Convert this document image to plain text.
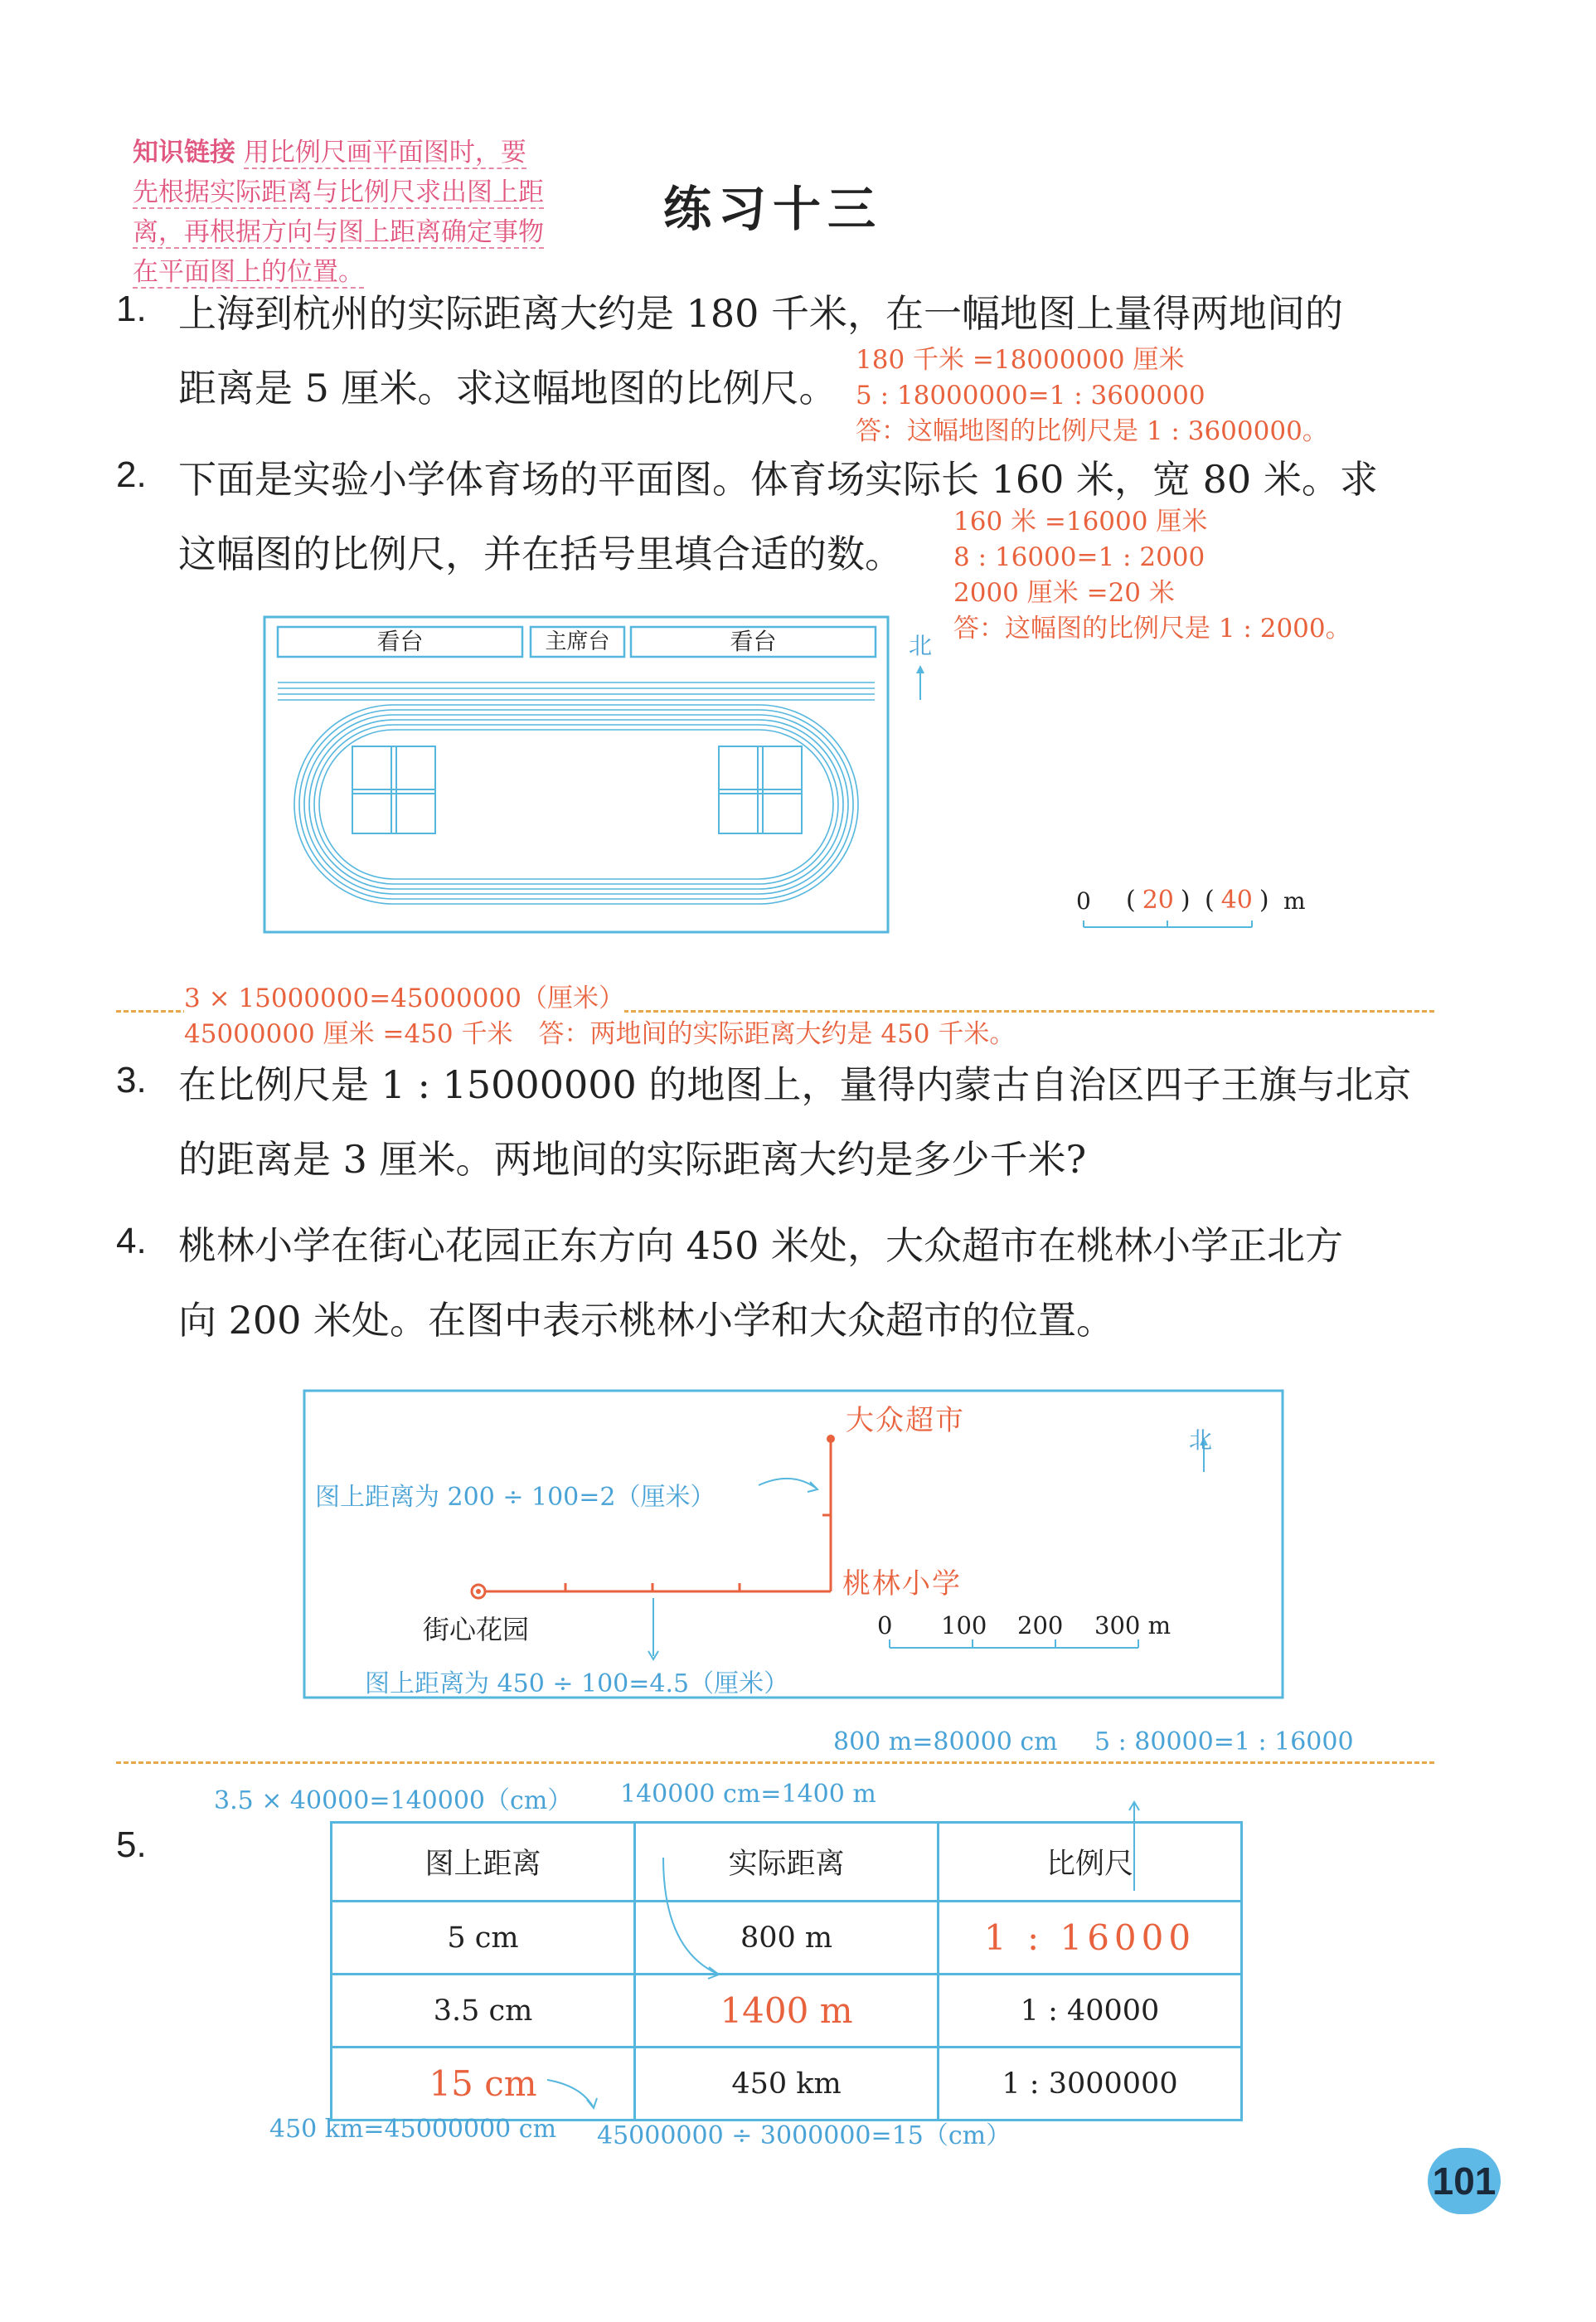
知识链接 用比例尺画平面图时，要
先根据实际距离与比例尺求出图上距
离，再根据方向与图上距离确定事物
在平面图上的位置。
练习十三
1. 上海到杭州的实际距离大约是 180 千米，在一幅地图上量得两地间的
距离是 5 厘米。求这幅地图的比例尺。
180 千米 =18000000 厘米
5 : 18000000=1 : 3600000
答：这幅地图的比例尺是 1 : 3600000。
2. 下面是实验小学体育场的平面图。体育场实际长 160 米，宽 80 米。求
这幅图的比例尺，并在括号里填合适的数。
160 米 =16000 厘米
8 : 16000=1 : 2000
2000 厘米 =20 米
答：这幅图的比例尺是 1 : 2000。
看台	主席台	看台	北
0 ( 20 ) ( 40 ) m
3 × 15000000=45000000（厘米）
45000000 厘米 =450 千米　答：两地间的实际距离大约是 450 千米。
3. 在比例尺是 1 : 15000000 的地图上，量得内蒙古自治区四子王旗与北京
的距离是 3 厘米。两地间的实际距离大约是多少千米?
4. 桃林小学在街心花园正东方向 450 米处，大众超市在桃林小学正北方
向 200 米处。在图中表示桃林小学和大众超市的位置。
大众超市
桃林小学
街心花园
北
图上距离为 200 ÷ 100=2（厘米）
图上距离为 450 ÷ 100=4.5（厘米）
0 100 200 300 m
800 m=80000 cm 5 : 80000=1 : 16000
3.5 × 40000=140000（cm） 140000 cm=1400 m
5.	图上距离	实际距离	比例尺
5 cm	800 m	1 : 16000
3.5 cm	1400 m	1 : 40000
15 cm	450 km	1 : 3000000
450 km=45000000 cm 45000000 ÷ 3000000=15（cm）
101
